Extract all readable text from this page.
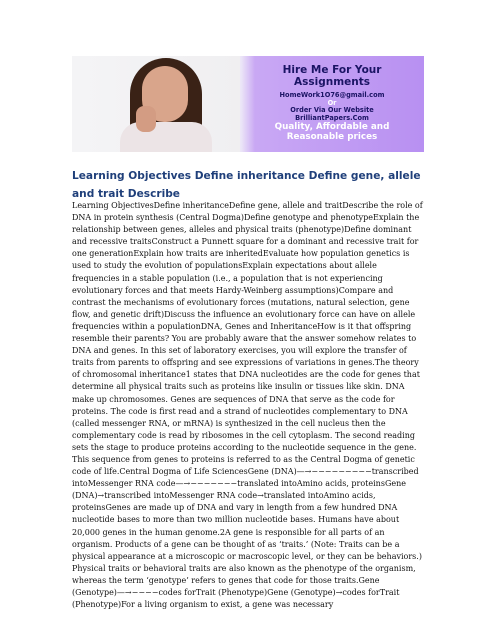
Hire Me For Your
Assignments
HomeWork1O76@gmail.com
Or
Order Via Our Website
BrilliantPapers.Com
Quality, Affordable and
Reasonable prices
Learning Objectives Define inheritance Define gene, allele and trait Describe
Learning ObjectivesDefine inheritanceDefine gene, allele and traitDescribe the role of DNA in protein synthesis (Central Dogma)Define genotype and phenotypeExplain the relationship between genes, alleles and physical traits (phenotype)Define dominant and recessive traitsConstruct a Punnett square for a dominant and recessive trait for one generationExplain how traits are inheritedEvaluate how population genetics is used to study the evolution of populationsExplain expectations about allele frequencies in a stable population (i.e., a population that is not experiencing evolutionary forces and that meets Hardy-Weinberg assumptions)Compare and contrast the mechanisms of evolutionary forces (mutations, natural selection, gene flow, and genetic drift)Discuss the influence an evolutionary force can have on allele frequencies within a populationDNA, Genes and InheritanceHow is it that offspring resemble their parents? You are probably aware that the answer somehow relates to DNA and genes. In this set of laboratory exercises, you will explore the transfer of traits from parents to offspring and see expressions of variations in genes.The theory of chromosomal inheritance1 states that DNA nucleotides are the code for genes that determine all physical traits such as proteins like insulin or tissues like skin. DNA make up chromosomes. Genes are sequences of DNA that serve as the code for proteins. The code is first read and a strand of nucleotides complementary to DNA (called messenger RNA, or mRNA) is synthesized in the cell nucleus then the complementary code is read by ribosomes in the cell cytoplasm. The second reading sets the stage to produce proteins according to the nucleotide sequence in the gene. This sequence from genes to proteins is referred to as the Central Dogma of genetic code of life.Central Dogma of Life SciencesGene (DNA)—→−−−−−−−−−transcribed intoMessenger RNA code—→−−−−−−−translated intoAmino acids, proteinsGene (DNA)→transcribed intoMessenger RNA code→translated intoAmino acids, proteinsGenes are made up of DNA and vary in length from a few hundred DNA nucleotide bases to more than two million nucleotide bases. Humans have about 20,000 genes in the human genome.2A gene is responsible for all parts of an organism. Products of a gene can be thought of as ‘traits.’ (Note: Traits can be a physical appearance at a microscopic or macroscopic level, or they can be behaviors.) Physical traits or behavioral traits are also known as the phenotype of the organism, whereas the term ‘genotype’ refers to genes that code for those traits.Gene (Genotype)—→−−−−codes forTrait (Phenotype)Gene (Genotype)→codes forTrait (Phenotype)For a living organism to exist, a gene was necessary
